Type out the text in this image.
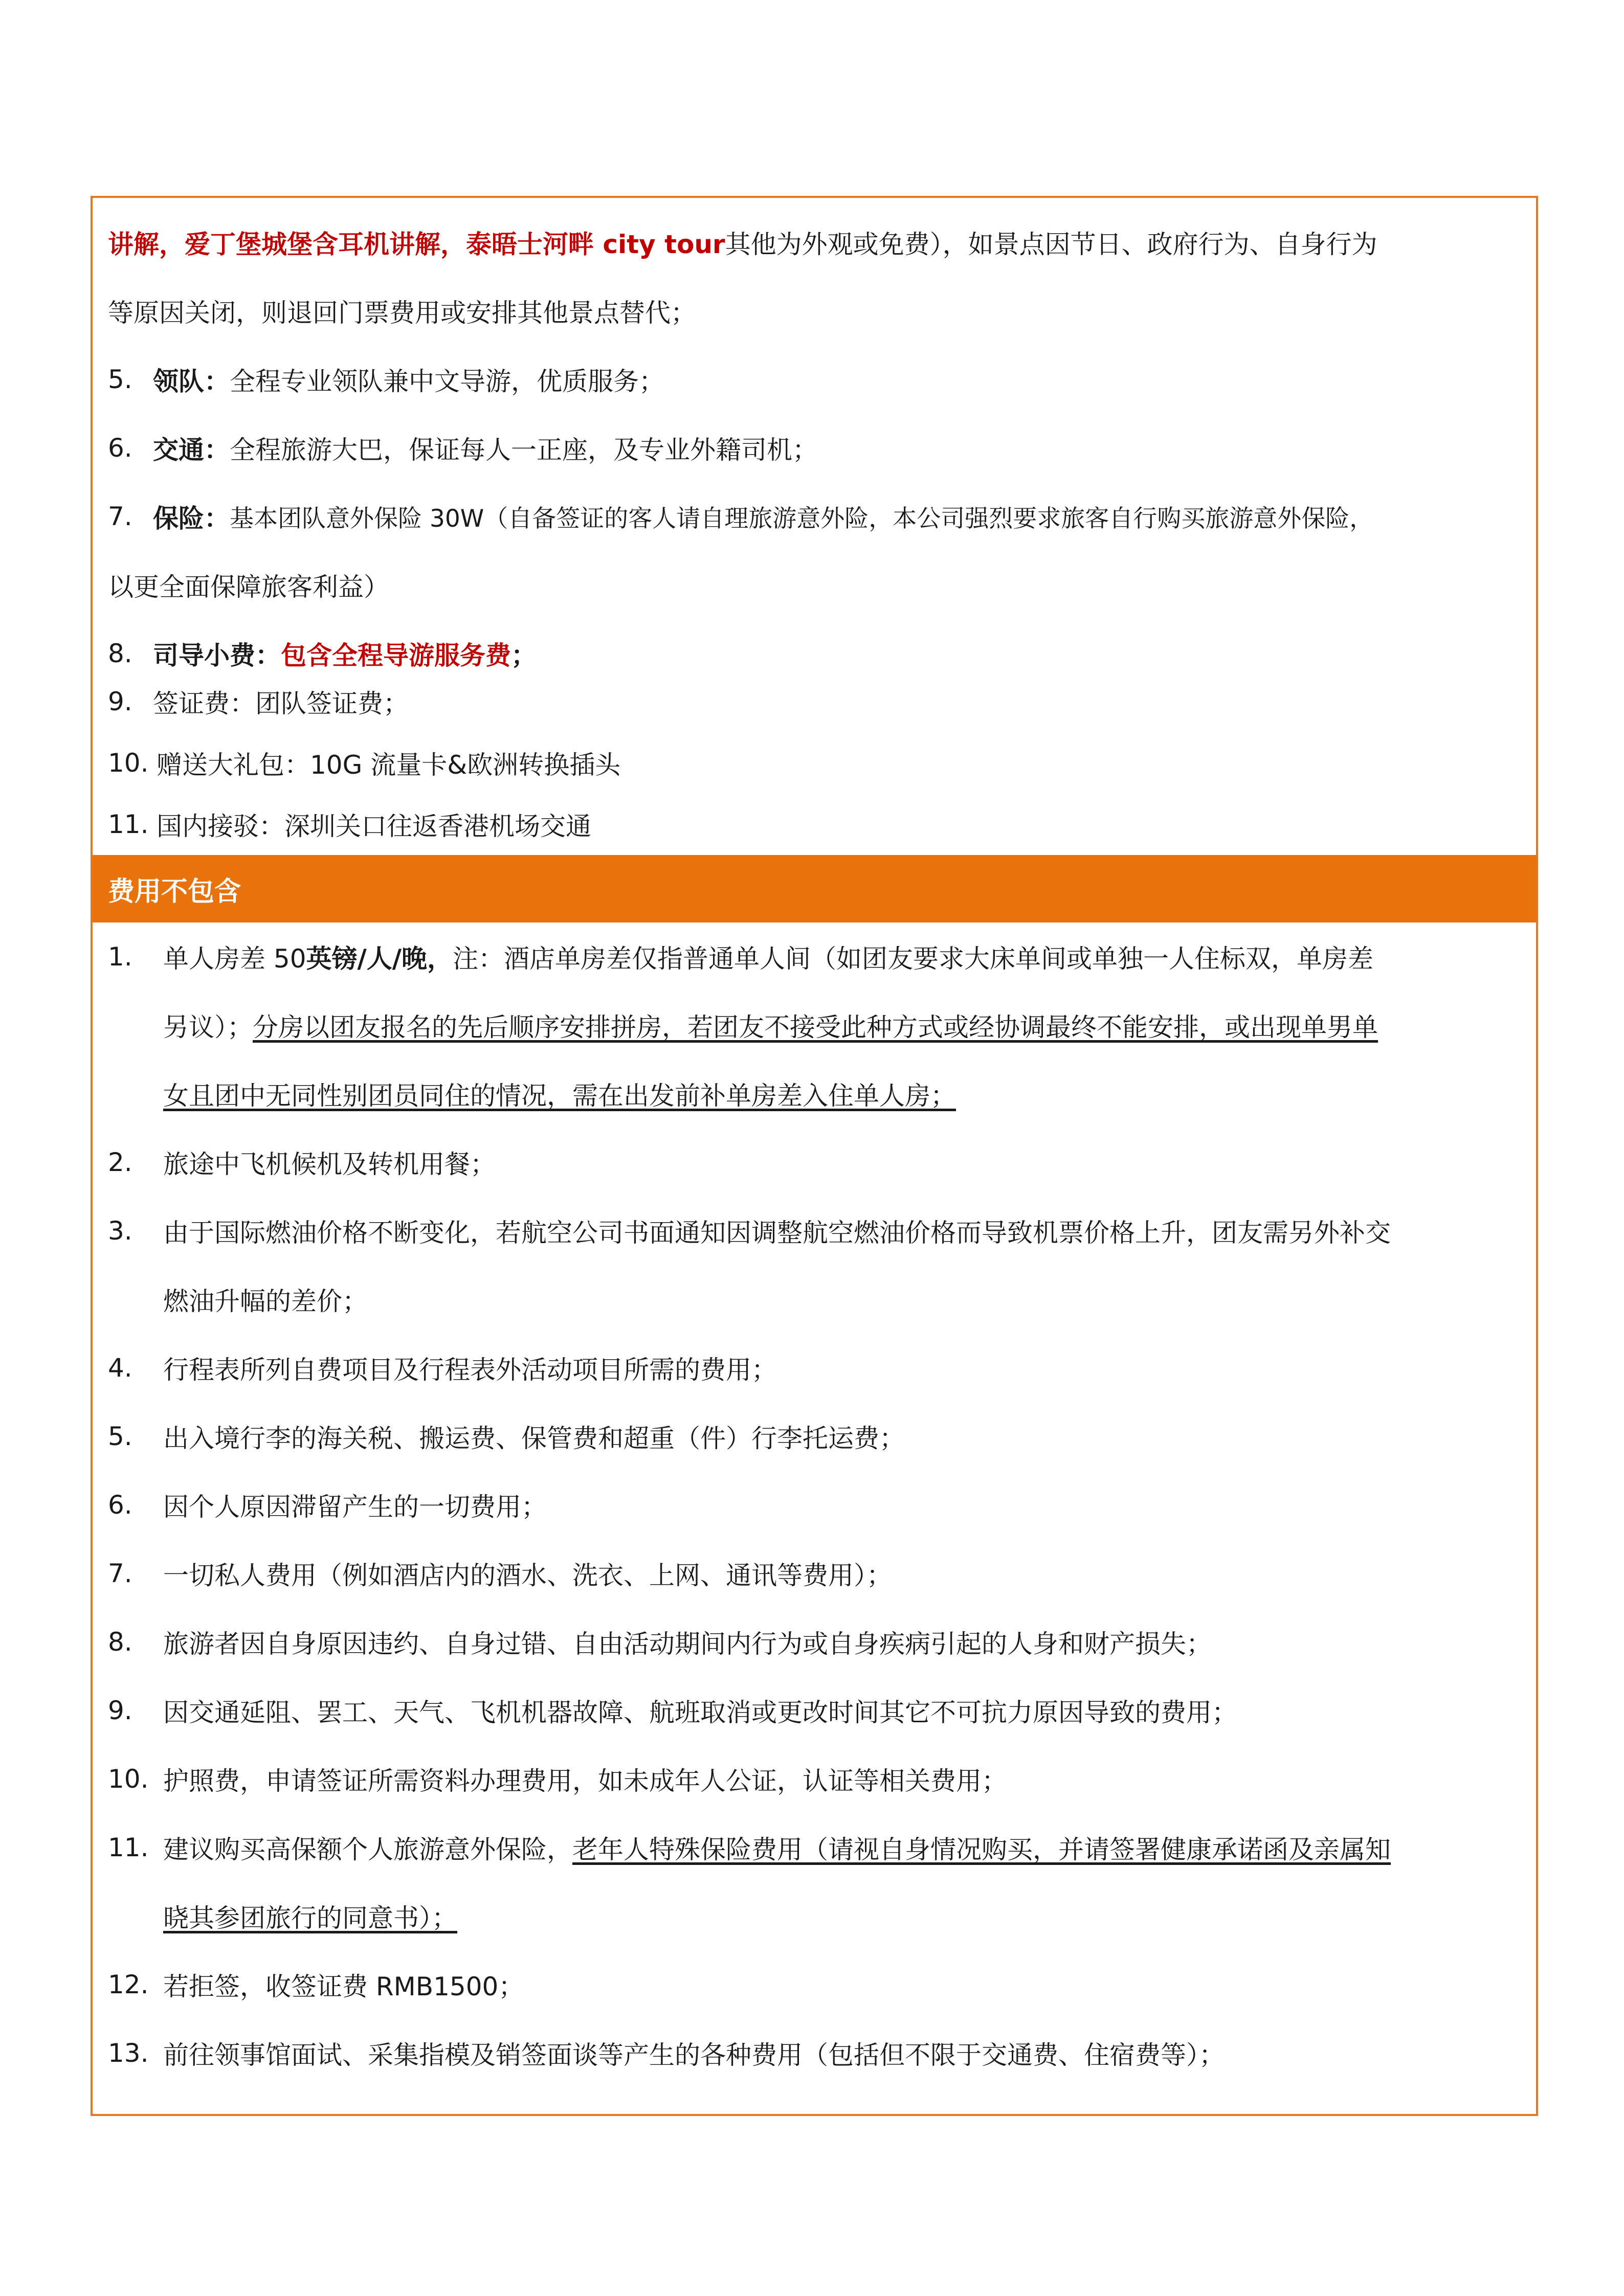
讲解，爱丁堡城堡含耳机讲解，泰晤士河畔 city tour 其他为外观或免费），如景点因节日、政府行为、自身行为
等原因关闭，则退回门票费用或安排其他景点替代；
5. 领队： 全程专业领队兼中文导游，优质服务；
6. 交通： 全程旅游大巴，保证每人一正座，及专业外籍司机；
7. 保险： 基本团队意外保险 30W（自备签证的客人请自理旅游意外险，本公司强烈要求旅客自行购买旅游意外保险，
以更全面保障旅客利益）
8. 司导小费： 包含全程导游服务费 ；
9. 签证费：团队签证费；
10. 赠送大礼包：10G 流量卡&欧洲转换插头
11. 国内接驳：深圳关口往返香港机场交通
费用不包含
1.	单人房差 50 英镑/人/晚， 注：酒店单房差仅指普通单人间（如团友要求大床单间或单独一人住标双，单房差
另议）； 分房以团友报名的先后顺序安排拼房，若团友不接受此种方式或经协调最终不能安排，或出现单男单
女且团中无同性别团员同住的情况，需在出发前补单房差入住单人房；
2.	旅途中飞机候机及转机用餐；
3.	由于国际燃油价格不断变化，若航空公司书面通知因调整航空燃油价格而导致机票价格上升，团友需另外补交
燃油升幅的差价；
4.	行程表所列自费项目及行程表外活动项目所需的费用；
5.	出入境行李的海关税、搬运费、保管费和超重（件）行李托运费；
6.	因个人原因滞留产生的一切费用；
7.	一切私人费用（例如酒店内的酒水、洗衣、上网、通讯等费用）；
8.	旅游者因自身原因违约、自身过错、自由活动期间内行为或自身疾病引起的人身和财产损失；
9.	因交通延阻、罢工、天气、飞机机器故障、航班取消或更改时间其它不可抗力原因导致的费用；
10. 护照费，申请签证所需资料办理费用，如未成年人公证，认证等相关费用；
11. 建议购买高保额个人旅游意外保险， 老年人特殊保险费用（请视自身情况购买，并请签署健康承诺函及亲属知
晓其参团旅行的同意书）；
12. 若拒签，收签证费 RMB1500；
13. 前往领事馆面试、采集指模及销签面谈等产生的各种费用（包括但不限于交通费、住宿费等）；
